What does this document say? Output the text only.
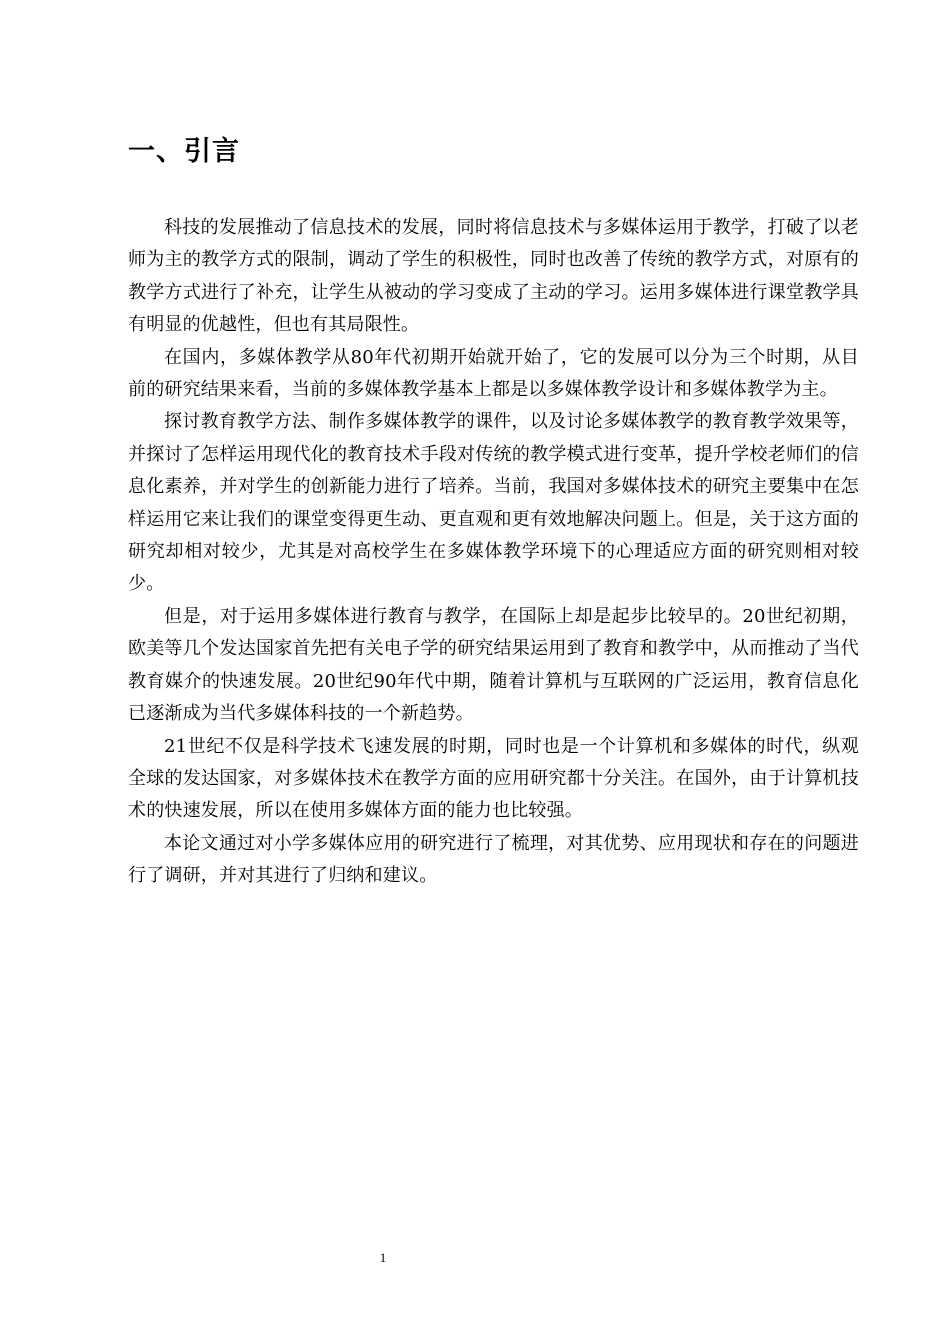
一、引言

科技的发展推动了信息技术的发展，同时将信息技术与多媒体运用于教学，打破了以老师为主的教学方式的限制，调动了学生的积极性，同时也改善了传统的教学方式，对原有的教学方式进行了补充，让学生从被动的学习变成了主动的学习。运用多媒体进行课堂教学具有明显的优越性，但也有其局限性。

在国内，多媒体教学从80年代初期开始就开始了，它的发展可以分为三个时期，从目前的研究结果来看，当前的多媒体教学基本上都是以多媒体教学设计和多媒体教学为主。

探讨教育教学方法、制作多媒体教学的课件，以及讨论多媒体教学的教育教学效果等，并探讨了怎样运用现代化的教育技术手段对传统的教学模式进行变革，提升学校老师们的信息化素养，并对学生的创新能力进行了培养。当前，我国对多媒体技术的研究主要集中在怎样运用它来让我们的课堂变得更生动、更直观和更有效地解决问题上。但是，关于这方面的研究却相对较少，尤其是对高校学生在多媒体教学环境下的心理适应方面的研究则相对较少。

但是，对于运用多媒体进行教育与教学，在国际上却是起步比较早的。20世纪初期，欧美等几个发达国家首先把有关电子学的研究结果运用到了教育和教学中，从而推动了当代教育媒介的快速发展。20世纪90年代中期，随着计算机与互联网的广泛运用，教育信息化已逐渐成为当代多媒体科技的一个新趋势。

21世纪不仅是科学技术飞速发展的时期，同时也是一个计算机和多媒体的时代，纵观全球的发达国家，对多媒体技术在教学方面的应用研究都十分关注。在国外，由于计算机技术的快速发展，所以在使用多媒体方面的能力也比较强。

本论文通过对小学多媒体应用的研究进行了梳理，对其优势、应用现状和存在的问题进行了调研，并对其进行了归纳和建议。

1
